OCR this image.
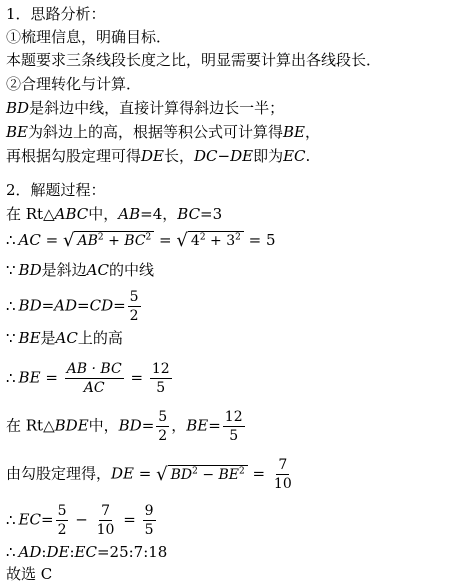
1．思路分析：
①梳理信息，明确目标．
本题要求三条线段长度之比，明显需要计算出各线段长．
②合理转化与计算．
BD是斜边中线，直接计算得斜边长一半；
BE为斜边上的高，根据等积公式可计算得BE，
再根据勾股定理可得DE长，DC−DE即为EC.
2．解题过程：
在 Rt△ABC中，AB=4，BC=3
∴ AC = √ $AB^2 + BC^2$ = √ $4^2 + 3^2 = 5$
∵ BD是斜边AC的中线
∴ $BD=AD=CD= \frac{5}{2}$
∵ BE是AC上的高
∴ BE = $\frac{AB \cdot BC}{AC} = \frac{12}{5}$
在 Rt△BDE中，$BD= \frac{5}{2}$ ，$BE= \frac{12}{5}$
由勾股定理得，DE = √ $BD^2 - BE^2 = \frac{7}{10}$
∴ $EC= \frac{5}{2} - \frac{7}{10} = \frac{9}{5}$
∴ AD:DE:EC=25:7:18
故选 C
